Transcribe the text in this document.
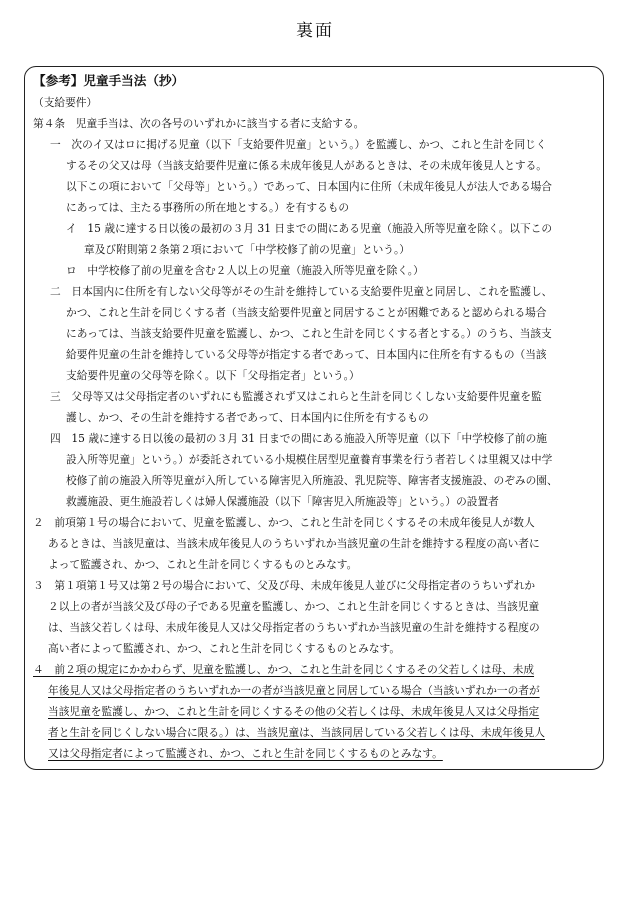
裏面
【参考】児童手当法（抄）
（支給要件）
第４条　児童手当は、次の各号のいずれかに該当する者に支給する。
一　次のイ又はロに掲げる児童（以下「支給要件児童」という。）を監護し、かつ、これと生計を同じく
するその父又は母（当該支給要件児童に係る未成年後見人があるときは、その未成年後見人とする。
以下この項において「父母等」という。）であって、日本国内に住所（未成年後見人が法人である場合
にあっては、主たる事務所の所在地とする。）を有するもの
イ　15 歳に達する日以後の最初の３月 31 日までの間にある児童（施設入所等児童を除く。以下この
章及び附則第２条第２項において「中学校修了前の児童」という。）
ロ　中学校修了前の児童を含む２人以上の児童（施設入所等児童を除く。）
二　日本国内に住所を有しない父母等がその生計を維持している支給要件児童と同居し、これを監護し、
かつ、これと生計を同じくする者（当該支給要件児童と同居することが困難であると認められる場合
にあっては、当該支給要件児童を監護し、かつ、これと生計を同じくする者とする。）のうち、当該支
給要件児童の生計を維持している父母等が指定する者であって、日本国内に住所を有するもの（当該
支給要件児童の父母等を除く。以下「父母指定者」という。）
三　父母等又は父母指定者のいずれにも監護されず又はこれらと生計を同じくしない支給要件児童を監
護し、かつ、その生計を維持する者であって、日本国内に住所を有するもの
四　15 歳に達する日以後の最初の３月 31 日までの間にある施設入所等児童（以下「中学校修了前の施
設入所等児童」という。）が委託されている小規模住居型児童養育事業を行う者若しくは里親又は中学
校修了前の施設入所等児童が入所している障害児入所施設、乳児院等、障害者支援施設、のぞみの園、
救護施設、更生施設若しくは婦人保護施設（以下「障害児入所施設等」という。）の設置者
２　前項第１号の場合において、児童を監護し、かつ、これと生計を同じくするその未成年後見人が数人
あるときは、当該児童は、当該未成年後見人のうちいずれか当該児童の生計を維持する程度の高い者に
よって監護され、かつ、これと生計を同じくするものとみなす。
３　第１項第１号又は第２号の場合において、父及び母、未成年後見人並びに父母指定者のうちいずれか
２以上の者が当該父及び母の子である児童を監護し、かつ、これと生計を同じくするときは、当該児童
は、当該父若しくは母、未成年後見人又は父母指定者のうちいずれか当該児童の生計を維持する程度の
高い者によって監護され、かつ、これと生計を同じくするものとみなす。
４　前２項の規定にかかわらず、児童を監護し、かつ、これと生計を同じくするその父若しくは母、未成
年後見人又は父母指定者のうちいずれか一の者が当該児童と同居している場合（当該いずれか一の者が
当該児童を監護し、かつ、これと生計を同じくするその他の父若しくは母、未成年後見人又は父母指定
者と生計を同じくしない場合に限る。）は、当該児童は、当該同居している父若しくは母、未成年後見人
又は父母指定者によって監護され、かつ、これと生計を同じくするものとみなす。
